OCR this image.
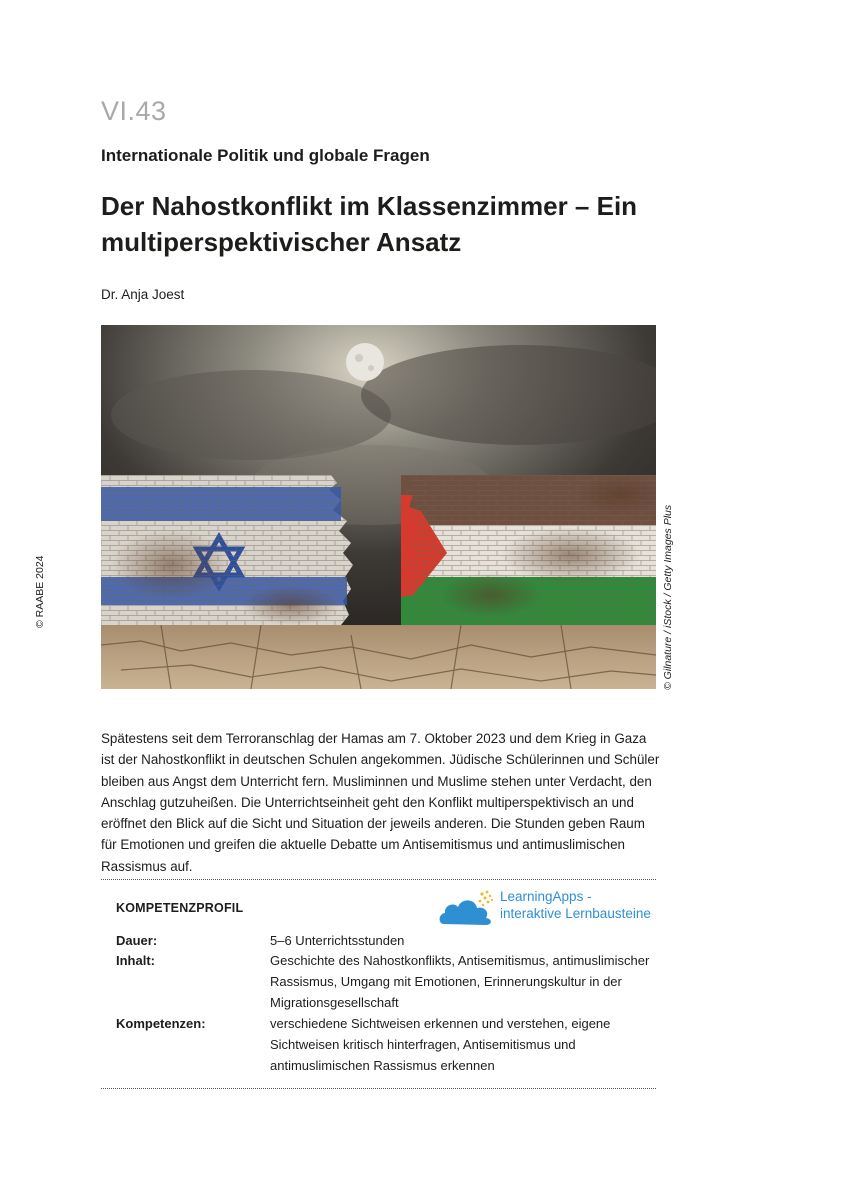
VI.43
Internationale Politik und globale Fragen
Der Nahostkonflikt im Klassenzimmer – Ein multiperspektivischer Ansatz
Dr. Anja Joest
© RAABE 2024	© Gilnature / iStock / Getty Images Plus

Spätestens seit dem Terroranschlag der Hamas am 7. Oktober 2023 und dem Krieg in Gaza ist der Nahostkonflikt in deutschen Schulen angekommen. Jüdische Schülerinnen und Schüler bleiben aus Angst dem Unterricht fern. Musliminnen und Muslime stehen unter Verdacht, den Anschlag gutzuheißen. Die Unterrichtseinheit geht den Konflikt multiperspektivisch an und eröffnet den Blick auf die Sicht und Situation der jeweils anderen. Die Stunden geben Raum für Emotionen und greifen die aktuelle Debatte um Antisemitismus und antimuslimischen Rassismus auf.

KOMPETENZPROFIL
LearningApps -
interaktive Lernbausteine
Dauer:	5–6 Unterrichtsstunden
Inhalt:	Geschichte des Nahostkonflikts, Antisemitismus, antimuslimischer Rassismus, Umgang mit Emotionen, Erinnerungskultur in der Migrationsgesellschaft
Kompetenzen:	verschiedene Sichtweisen erkennen und verstehen, eigene Sichtweisen kritisch hinterfragen, Antisemitismus und antimuslimischen Rassismus erkennen
